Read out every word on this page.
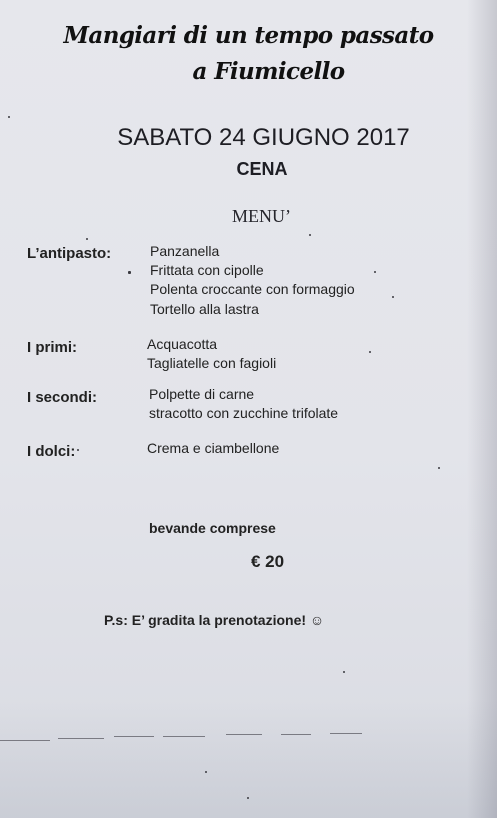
Mangiari di un tempo passato
a Fiumicello
SABATO 24 GIUGNO 2017
CENA
MENU’
L’antipasto:	Panzanella
Frittata con cipolle
Polenta croccante con formaggio
Tortello alla lastra
I primi:	Acquacotta
Tagliatelle con fagioli
I secondi:	Polpette di carne
stracotto con zucchine trifolate
I dolci:	Crema e ciambellone
bevande comprese
€ 20
P.s: E’ gradita la prenotazione! ☺
